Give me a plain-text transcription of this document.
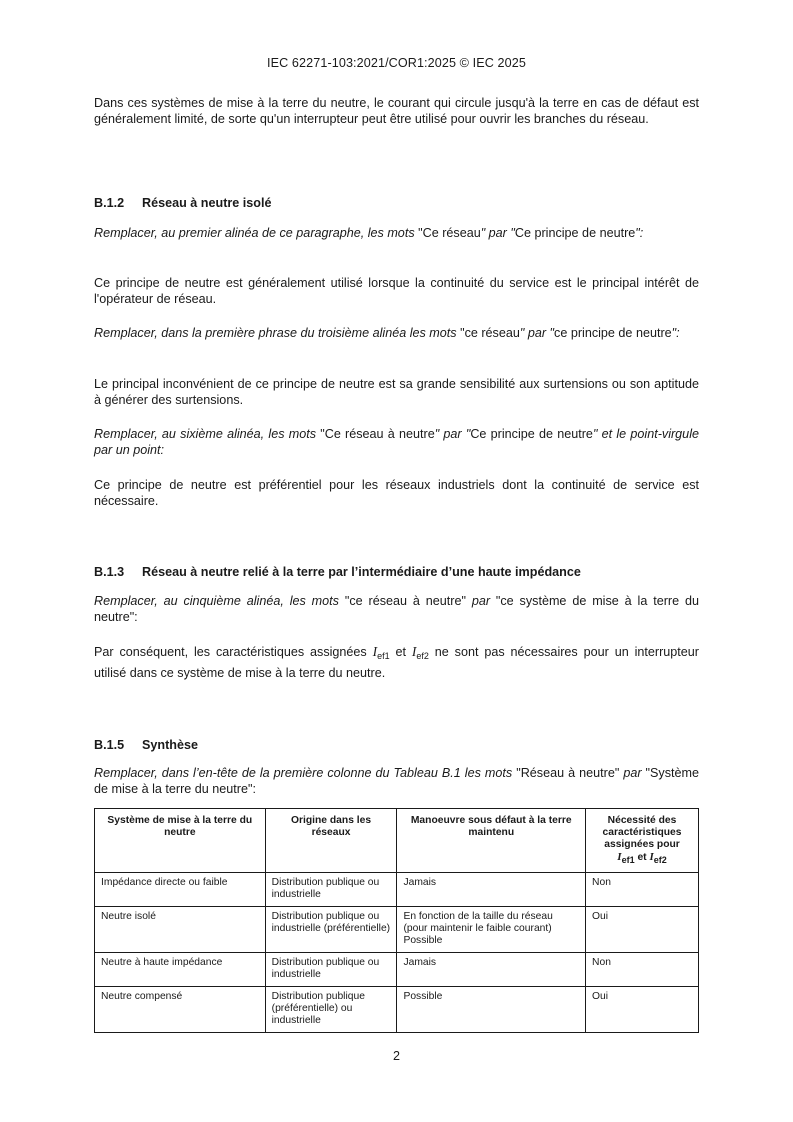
IEC 62271-103:2021/COR1:2025 © IEC 2025
Dans ces systèmes de mise à la terre du neutre, le courant qui circule jusqu'à la terre en cas de défaut est généralement limité, de sorte qu'un interrupteur peut être utilisé pour ouvrir les branches du réseau.
B.1.2 Réseau à neutre isolé
Remplacer, au premier alinéa de ce paragraphe, les mots "Ce réseau" par "Ce principe de neutre":
Ce principe de neutre est généralement utilisé lorsque la continuité du service est le principal intérêt de l'opérateur de réseau.
Remplacer, dans la première phrase du troisième alinéa les mots "ce réseau" par "ce principe de neutre":
Le principal inconvénient de ce principe de neutre est sa grande sensibilité aux surtensions ou son aptitude à générer des surtensions.
Remplacer, au sixième alinéa, les mots "Ce réseau à neutre" par "Ce principe de neutre" et le point-virgule par un point:
Ce principe de neutre est préférentiel pour les réseaux industriels dont la continuité de service est nécessaire.
B.1.3 Réseau à neutre relié à la terre par l’intermédiaire d’une haute impédance
Remplacer, au cinquième alinéa, les mots "ce réseau à neutre" par "ce système de mise à la terre du neutre":
Par conséquent, les caractéristiques assignées $I_{ef1}$ et $I_{ef2}$ ne sont pas nécessaires pour un interrupteur utilisé dans ce système de mise à la terre du neutre.
B.1.5 Synthèse
Remplacer, dans l’en-tête de la première colonne du Tableau B.1 les mots "Réseau à neutre" par "Système de mise à la terre du neutre":
Système de mise à la terre du neutre	Origine dans les réseaux	Manoeuvre sous défaut à la terre maintenu	Nécessité des caractéristiques assignées pour
$I_{ef1}$ et $I_{ef2}$
Impédance directe ou faible	Distribution publique ou industrielle	Jamais	Non
Neutre isolé	Distribution publique ou industrielle (préférentielle)	En fonction de la taille du réseau (pour maintenir le faible courant) Possible	Oui
Neutre à haute impédance	Distribution publique ou industrielle	Jamais	Non
Neutre compensé	Distribution publique (préférentielle) ou industrielle	Possible	Oui
2
